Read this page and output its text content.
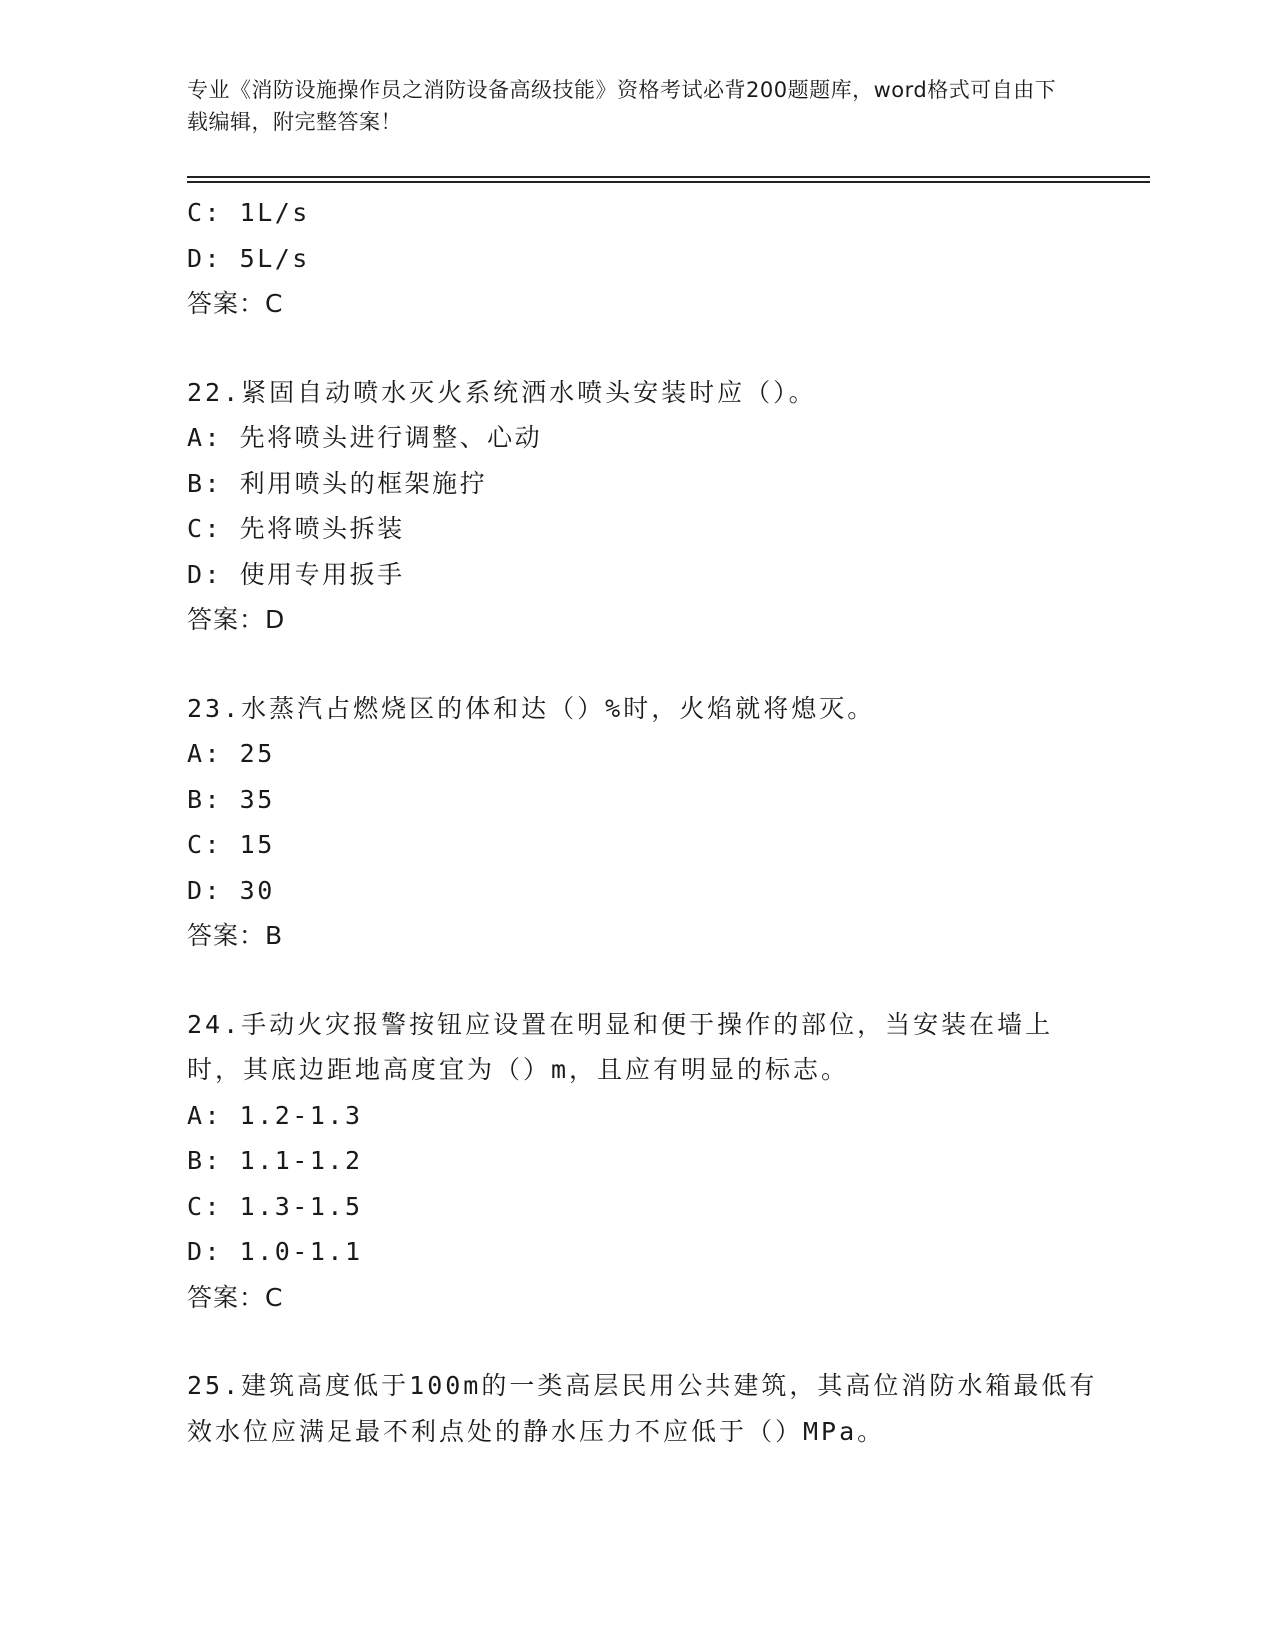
专业《消防设施操作员之消防设备高级技能》资格考试必背200题题库，word格式可自由下载编辑，附完整答案！
C: 1L/s
D: 5L/s
答案：C
22.紧固自动喷水灭火系统洒水喷头安装时应（）。
A: 先将喷头进行调整、心动
B: 利用喷头的框架施拧
C: 先将喷头拆装
D: 使用专用扳手
答案：D
23.水蒸汽占燃烧区的体和达（）%时，火焰就将熄灭。
A: 25
B: 35
C: 15
D: 30
答案：B
24.手动火灾报警按钮应设置在明显和便于操作的部位，当安装在墙上时，其底边距地高度宜为（）m，且应有明显的标志。
A: 1.2-1.3
B: 1.1-1.2
C: 1.3-1.5
D: 1.0-1.1
答案：C
25.建筑高度低于100m的一类高层民用公共建筑，其高位消防水箱最低有效水位应满足最不利点处的静水压力不应低于（）MPa。
